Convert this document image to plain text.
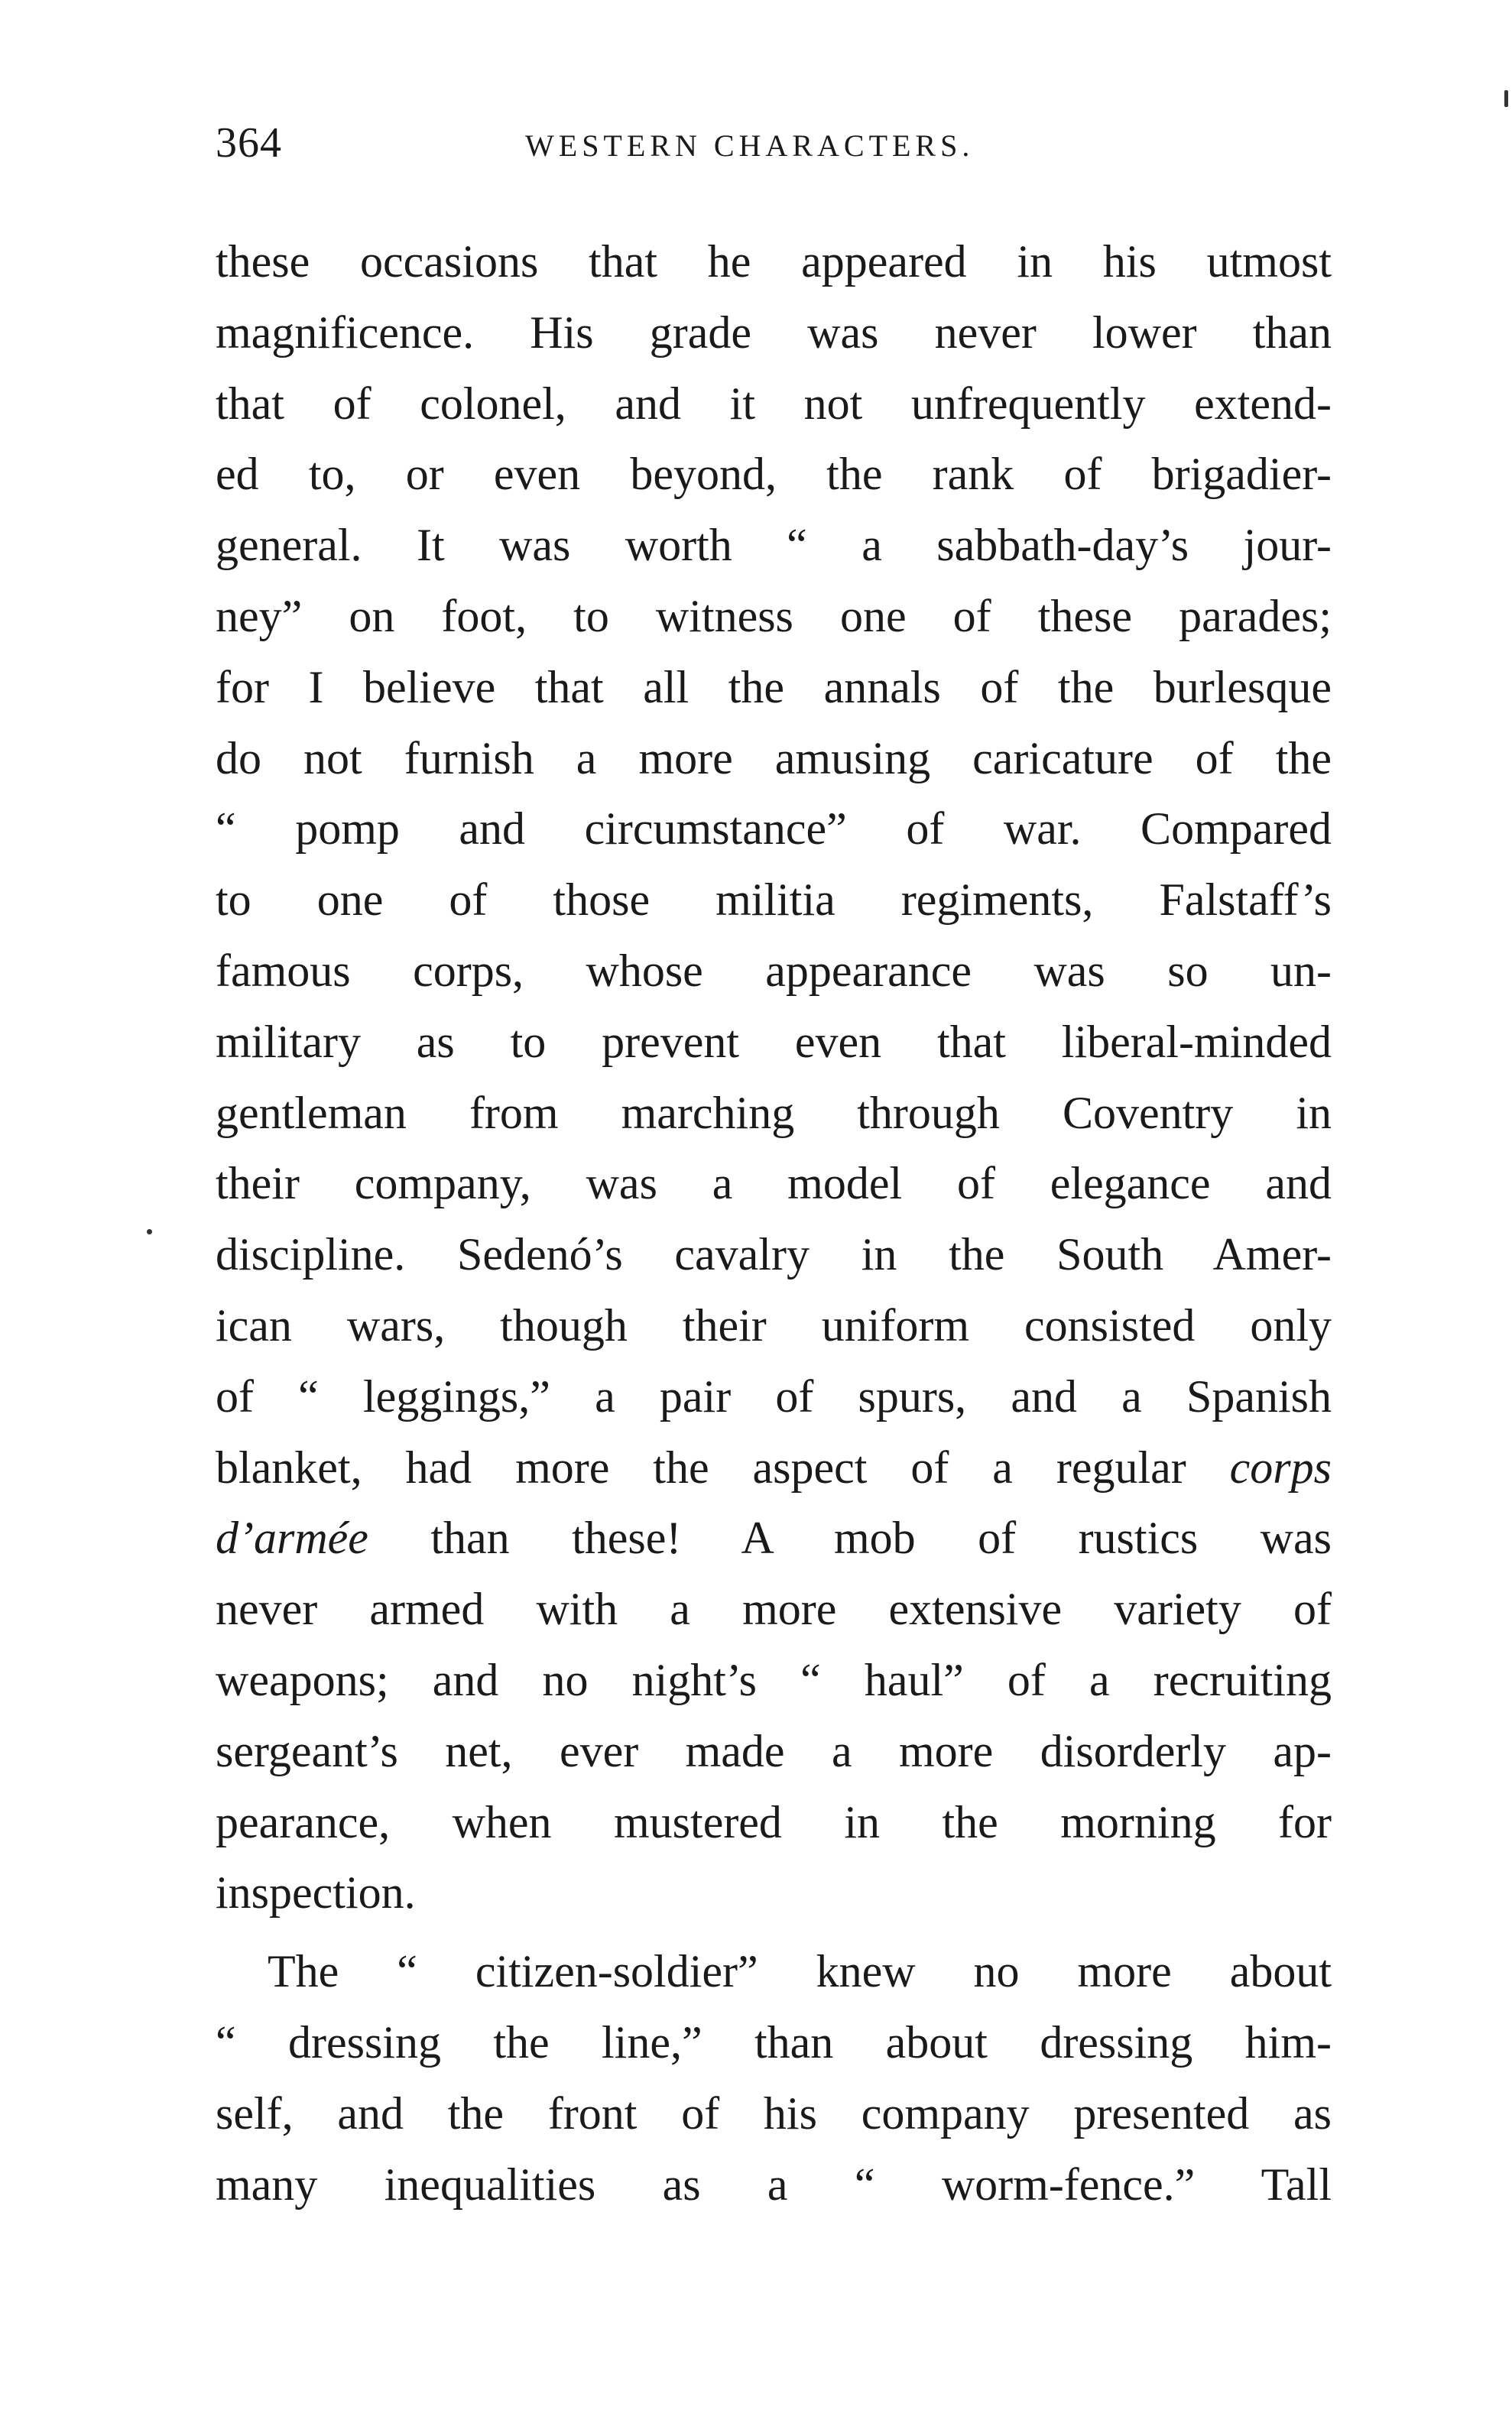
364	WESTERN CHARACTERS.
these occasions that he appeared in his utmost
magnificence. His grade was never lower than
that of colonel, and it not unfrequently extend-
ed to, or even beyond, the rank of brigadier-
general. It was worth “ a sabbath-day’s jour-
ney” on foot, to witness one of these parades;
for I believe that all the annals of the burlesque
do not furnish a more amusing caricature of the
“ pomp and circumstance” of war. Compared
to one of those militia regiments, Falstaff’s
famous corps, whose appearance was so un-
military as to prevent even that liberal-minded
gentleman from marching through Coventry in
their company, was a model of elegance and
discipline. Sedenó’s cavalry in the South Amer-
ican wars, though their uniform consisted only
of “ leggings,” a pair of spurs, and a Spanish
blanket, had more the aspect of a regular corps
d’armée than these! A mob of rustics was
never armed with a more extensive variety of
weapons; and no night’s “ haul” of a recruiting
sergeant’s net, ever made a more disorderly ap-
pearance, when mustered in the morning for
inspection.
The “ citizen-soldier” knew no more about
“ dressing the line,” than about dressing him-
self, and the front of his company presented as
many inequalities as a “ worm-fence.” Tall
